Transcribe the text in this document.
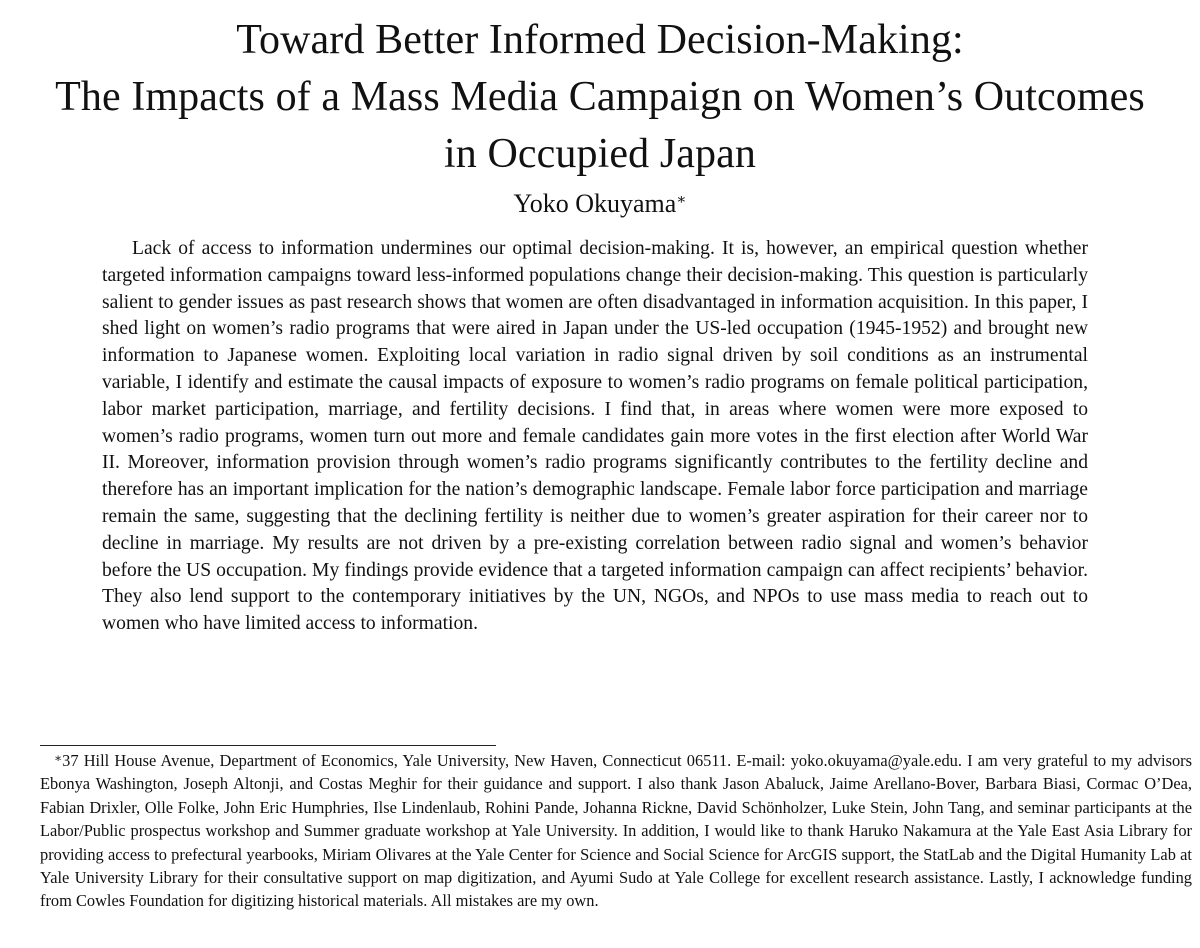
Toward Better Informed Decision-Making:
The Impacts of a Mass Media Campaign on Women’s Outcomes
in Occupied Japan
Yoko Okuyama∗

Lack of access to information undermines our optimal decision-making. It is, however, an empirical question whether targeted information campaigns toward less-informed populations change their decision-making. This question is particularly salient to gender issues as past research shows that women are often disadvantaged in information acquisition. In this paper, I shed light on women’s radio programs that were aired in Japan under the US-led occupation (1945-1952) and brought new information to Japanese women. Exploiting local variation in radio signal driven by soil conditions as an instrumental variable, I identify and estimate the causal impacts of exposure to women’s radio programs on female political participation, labor market participation, marriage, and fertility decisions. I find that, in areas where women were more exposed to women’s radio programs, women turn out more and female candidates gain more votes in the first election after World War II. Moreover, information provision through women’s radio programs significantly contributes to the fertility decline and therefore has an important implication for the nation’s demographic landscape. Female labor force participation and marriage remain the same, suggesting that the declining fertility is neither due to women’s greater aspiration for their career nor to decline in marriage. My results are not driven by a pre-existing correlation between radio signal and women’s behavior before the US occupation. My findings provide evidence that a targeted information campaign can affect recipients’ behavior. They also lend support to the contemporary initiatives by the UN, NGOs, and NPOs to use mass media to reach out to women who have limited access to information.

∗37 Hill House Avenue, Department of Economics, Yale University, New Haven, Connecticut 06511. E-mail: yoko.okuyama@yale.edu. I am very grateful to my advisors Ebonya Washington, Joseph Altonji, and Costas Meghir for their guidance and support. I also thank Jason Abaluck, Jaime Arellano-Bover, Barbara Biasi, Cormac O’Dea, Fabian Drixler, Olle Folke, John Eric Humphries, Ilse Lindenlaub, Rohini Pande, Johanna Rickne, David Schönholzer, Luke Stein, John Tang, and seminar participants at the Labor/Public prospectus workshop and Summer graduate workshop at Yale University. In addition, I would like to thank Haruko Nakamura at the Yale East Asia Library for providing access to prefectural yearbooks, Miriam Olivares at the Yale Center for Science and Social Science for ArcGIS support, the StatLab and the Digital Humanity Lab at Yale University Library for their consultative support on map digitization, and Ayumi Sudo at Yale College for excellent research assistance. Lastly, I acknowledge funding from Cowles Foundation for digitizing historical materials. All mistakes are my own.
